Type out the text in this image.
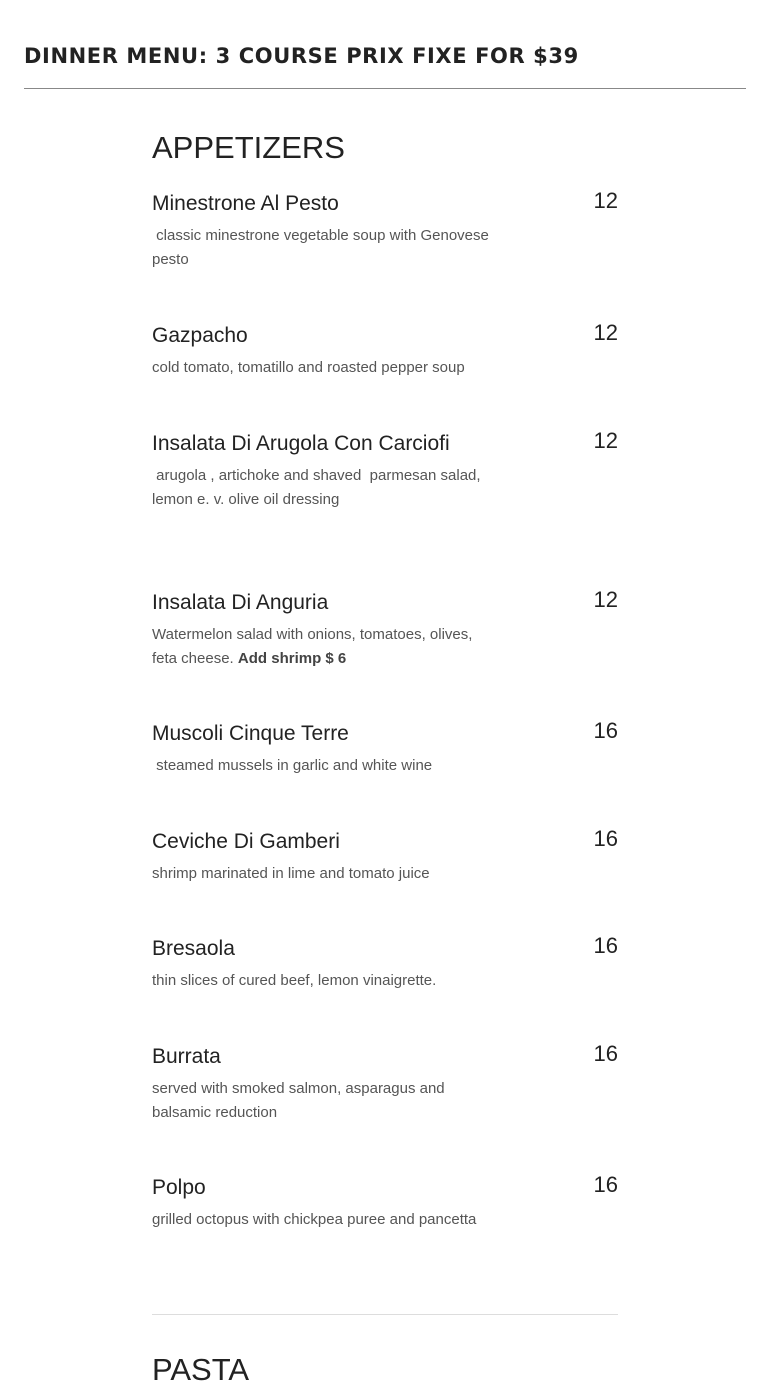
DINNER MENU: 3 COURSE PRIX FIXE FOR $39
APPETIZERS
Minestrone Al Pesto	12
classic minestrone vegetable soup with Genovese pesto
Gazpacho	12
cold tomato, tomatillo and roasted pepper soup
Insalata Di Arugola Con Carciofi	12
arugola , artichoke and shaved  parmesan salad, lemon e. v. olive oil dressing
Insalata Di Anguria	12
Watermelon salad with onions, tomatoes, olives, feta cheese. Add shrimp $ 6
Muscoli Cinque Terre	16
steamed mussels in garlic and white wine
Ceviche Di Gamberi	16
shrimp marinated in lime and tomato juice
Bresaola	16
thin slices of cured beef, lemon vinaigrette.
Burrata	16
served with smoked salmon, asparagus and balsamic reduction
Polpo	16
grilled octopus with chickpea puree and pancetta
PASTA
